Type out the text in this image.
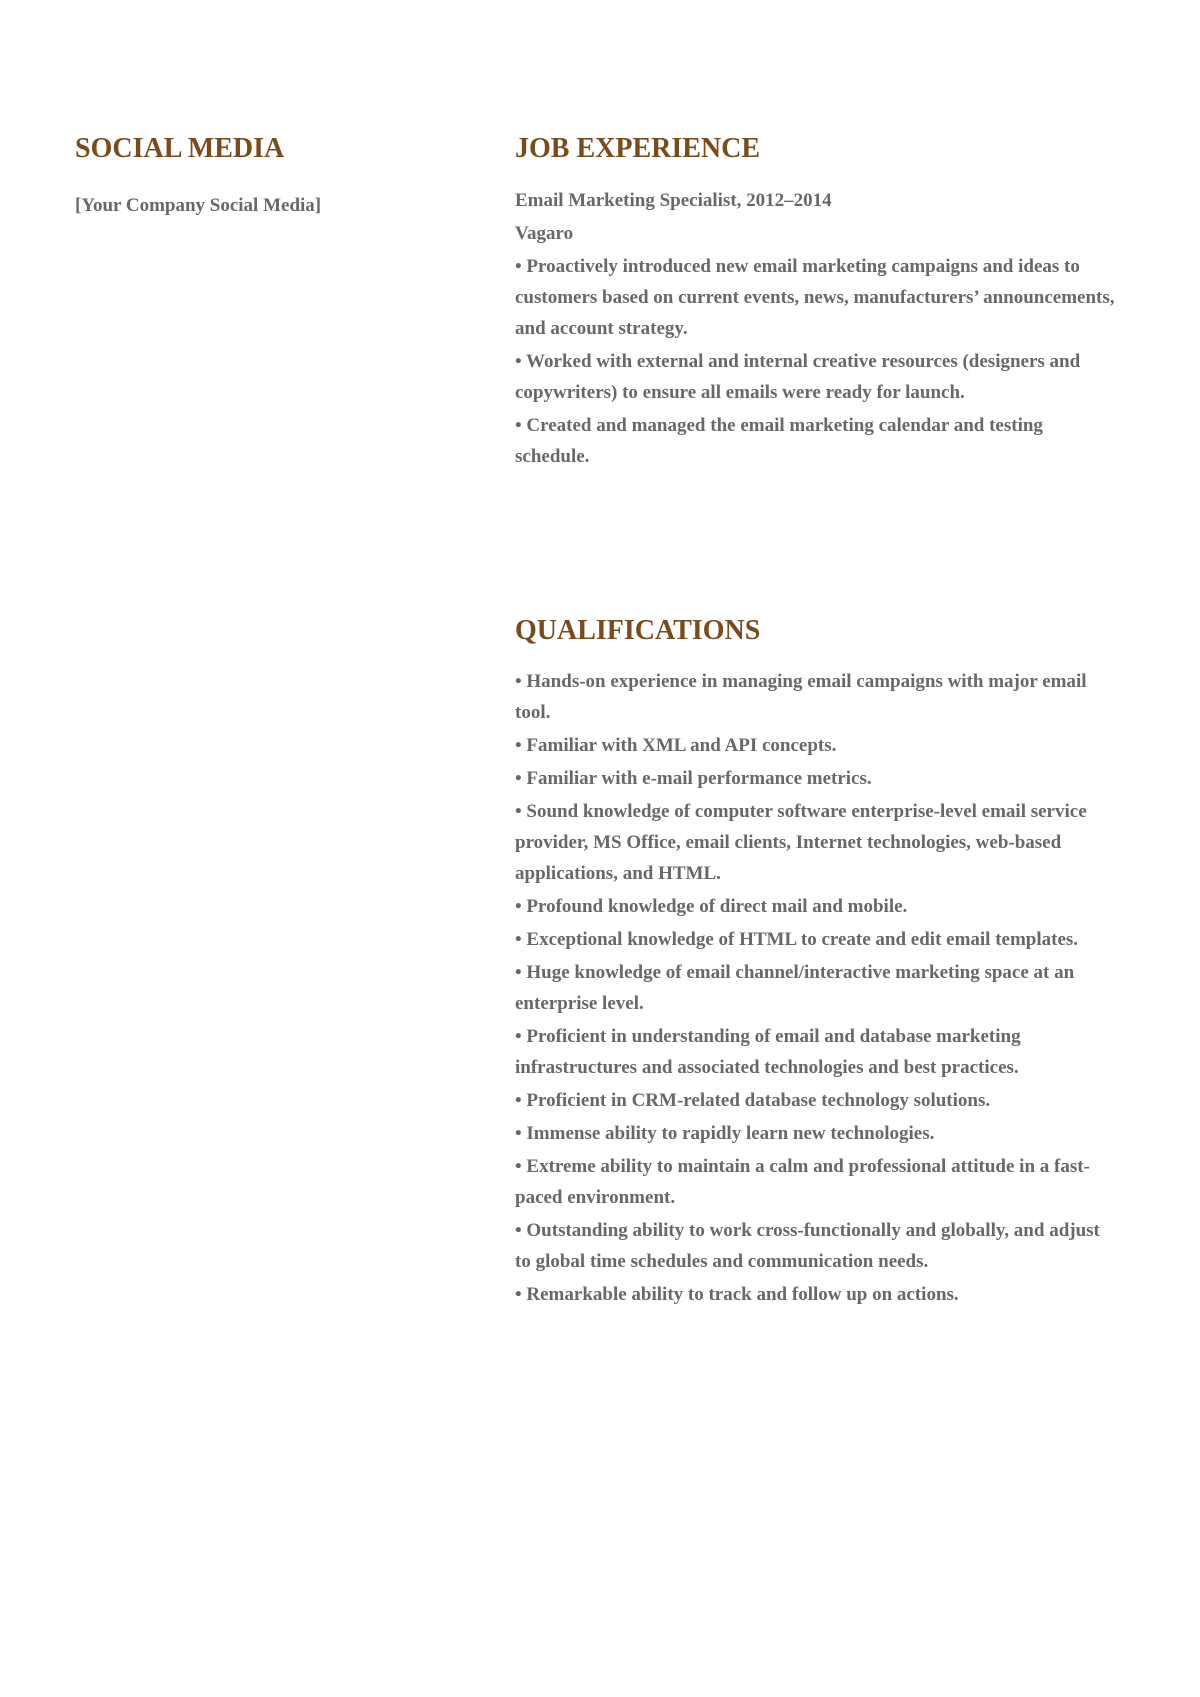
SOCIAL MEDIA

[Your Company Social Media]

JOB EXPERIENCE

Email Marketing Specialist, 2012–2014

Vagaro

• Proactively introduced new email marketing campaigns and ideas to customers based on current events, news, manufacturers’ announcements, and account strategy.

• Worked with external and internal creative resources (designers and copywriters) to ensure all emails were ready for launch.

• Created and managed the email marketing calendar and testing schedule.

QUALIFICATIONS

• Hands-on experience in managing email campaigns with major email tool.

• Familiar with XML and API concepts.

• Familiar with e-mail performance metrics.

• Sound knowledge of computer software enterprise-level email service provider, MS Office, email clients, Internet technologies, web-based applications, and HTML.

• Profound knowledge of direct mail and mobile.

• Exceptional knowledge of HTML to create and edit email templates.

• Huge knowledge of email channel/interactive marketing space at an enterprise level.

• Proficient in understanding of email and database marketing infrastructures and associated technologies and best practices.

• Proficient in CRM-related database technology solutions.

• Immense ability to rapidly learn new technologies.

• Extreme ability to maintain a calm and professional attitude in a fast-paced environment.

• Outstanding ability to work cross-functionally and globally, and adjust to global time schedules and communication needs.

• Remarkable ability to track and follow up on actions.
